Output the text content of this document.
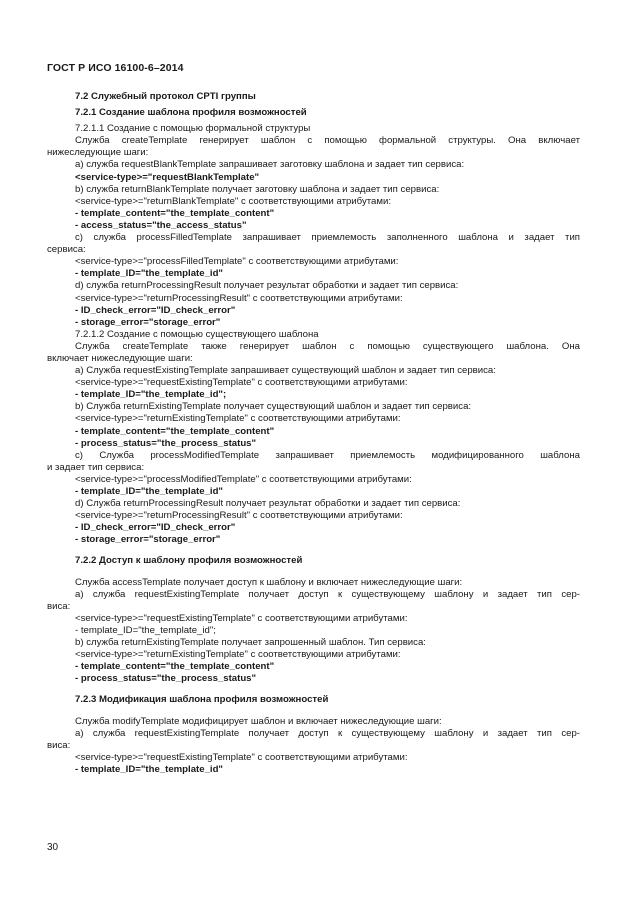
ГОСТ Р ИСО 16100-6–2014
7.2 Служебный протокол CPTI группы
7.2.1 Создание шаблона профиля возможностей
7.2.1.1 Создание с помощью формальной структуры
Служба createTemplate генерирует шаблон с помощью формальной структуры. Она включает
нижеследующие шаги:
a) служба requestBlankTemplate запрашивает заготовку шаблона и задает тип сервиса:
<service-type>="requestBlankTemplate"
b) служба returnBlankTemplate получает заготовку шаблона и задает тип сервиса:
<service-type>="returnBlankTemplate" с соответствующими атрибутами:
- template_content="the_template_content"
- access_status="the_access_status"
c) служба processFilledTemplate запрашивает приемлемость заполненного шаблона и задает тип
сервиса:
<service-type>="processFilledTemplate" с соответствующими атрибутами:
- template_ID="the_template_id"
d) служба returnProcessingResult получает результат обработки и задает тип сервиса:
<service-type>="returnProcessingResult" с соответствующими атрибутами:
- ID_check_error="ID_check_error"
- storage_error="storage_error"
7.2.1.2 Создание с помощью существующего шаблона
Служба createTemplate также генерирует шаблон с помощью существующего шаблона. Она
включает нижеследующие шаги:
a) Служба requestExistingTemplate запрашивает существующий шаблон и задает тип сервиса:
<service-type>="requestExistingTemplate" с соответствующими атрибутами:
- template_ID="the_template_id";
b) Служба returnExistingTemplate получает существующий шаблон и задает тип сервиса:
<service-type>="returnExistingTemplate" с соответствующими атрибутами:
- template_content="the_template_content"
- process_status="the_process_status"
c) Служба processModifiedTemplate запрашивает приемлемость модифицированного шаблона
и задает тип сервиса:
<service-type>="processModifiedTemplate" с соответствующими атрибутами:
- template_ID="the_template_id"
d) Служба returnProcessingResult получает результат обработки и задает тип сервиса:
<service-type>="returnProcessingResult" с соответствующими атрибутами:
- ID_check_error="ID_check_error"
- storage_error="storage_error"
7.2.2 Доступ к шаблону профиля возможностей
Служба accessTemplate получает доступ к шаблону и включает нижеследующие шаги:
a) служба requestExistingTemplate получает доступ к существующему шаблону и задает тип сер-
виса:
<service-type>="requestExistingTemplate" с соответствующими атрибутами:
- template_ID="the_template_id";
b) служба returnExistingTemplate получает запрошенный шаблон. Тип сервиса:
<service-type>="returnExistingTemplate" с соответствующими атрибутами:
- template_content="the_template_content"
- process_status="the_process_status"
7.2.3 Модификация шаблона профиля возможностей
Служба modifyTemplate модифицирует шаблон и включает нижеследующие шаги:
a) служба requestExistingTemplate получает доступ к существующему шаблону и задает тип сер-
виса:
<service-type>="requestExistingTemplate" с соответствующими атрибутами:
- template_ID="the_template_id"
30
